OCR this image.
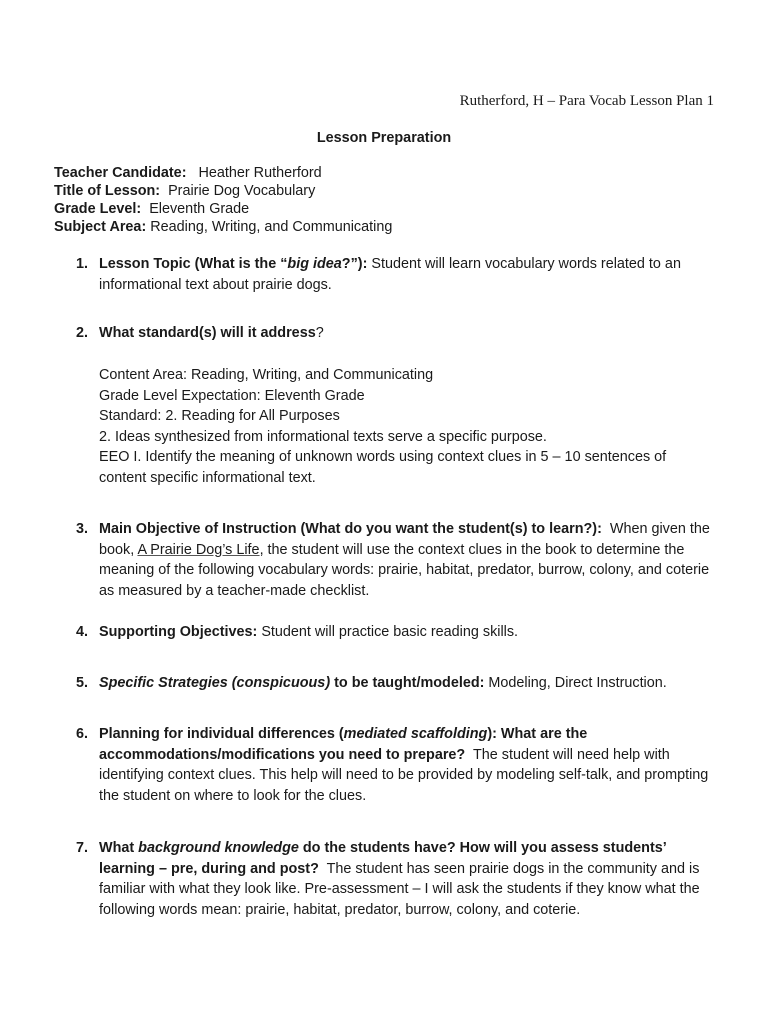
Rutherford, H – Para Vocab Lesson Plan 1
Lesson Preparation
Teacher Candidate: Heather Rutherford
Title of Lesson: Prairie Dog Vocabulary
Grade Level: Eleventh Grade
Subject Area: Reading, Writing, and Communicating
1. Lesson Topic (What is the “big idea?”): Student will learn vocabulary words related to an informational text about prairie dogs.
2. What standard(s) will it address?
Content Area: Reading, Writing, and Communicating
Grade Level Expectation: Eleventh Grade
Standard: 2. Reading for All Purposes
2. Ideas synthesized from informational texts serve a specific purpose.
EEO I. Identify the meaning of unknown words using context clues in 5 – 10 sentences of
content specific informational text.
3. Main Objective of Instruction (What do you want the student(s) to learn?): When given the book, A Prairie Dog’s Life, the student will use the context clues in the book to determine the meaning of the following vocabulary words: prairie, habitat, predator, burrow, colony, and coterie as measured by a teacher-made checklist.
4. Supporting Objectives: Student will practice basic reading skills.
5. Specific Strategies (conspicuous) to be taught/modeled: Modeling, Direct Instruction.
6. Planning for individual differences (mediated scaffolding): What are the accommodations/modifications you need to prepare? The student will need help with identifying context clues. This help will need to be provided by modeling self-talk, and prompting the student on where to look for the clues.
7. What background knowledge do the students have? How will you assess students’ learning – pre, during and post? The student has seen prairie dogs in the community and is familiar with what they look like. Pre-assessment – I will ask the students if they know what the following words mean: prairie, habitat, predator, burrow, colony, and coterie.
